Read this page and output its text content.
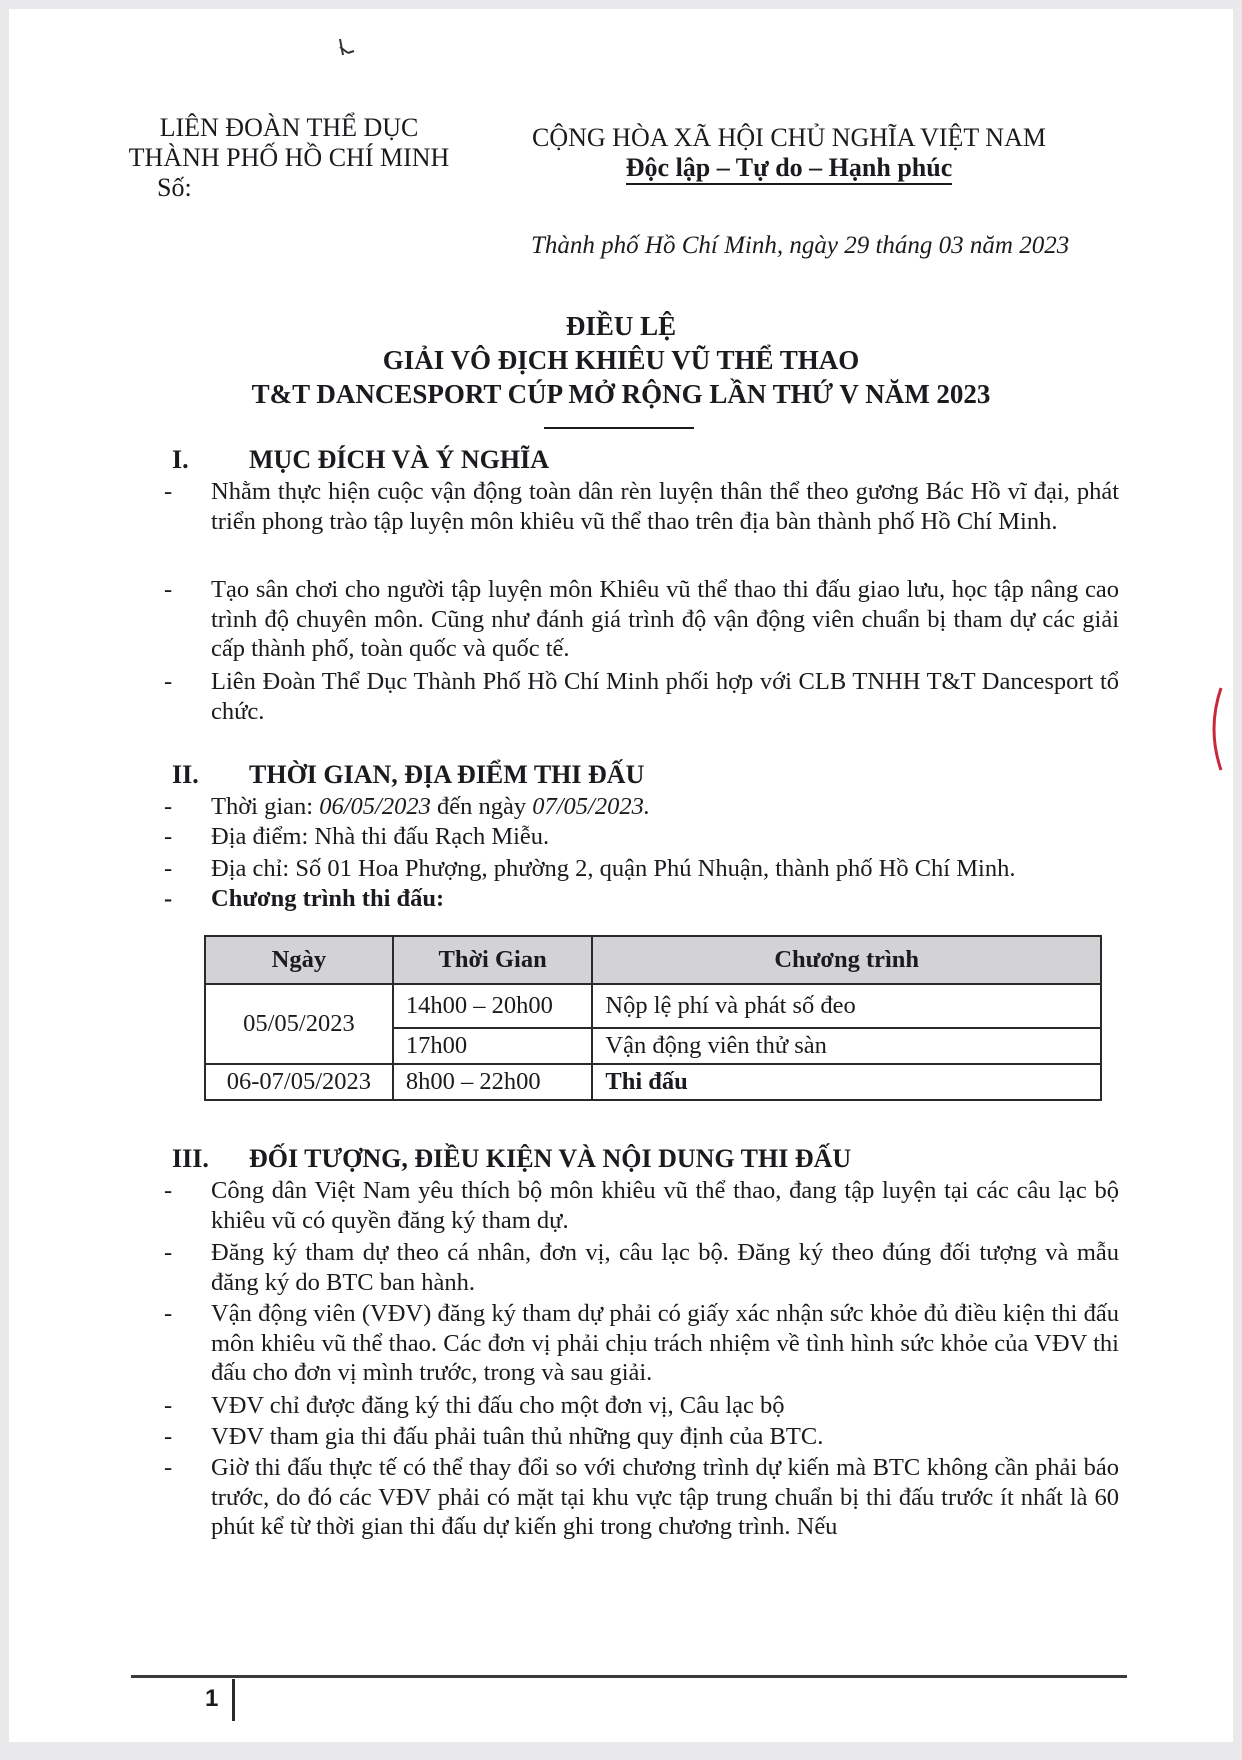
LIÊN ĐOÀN THỂ DỤC
THÀNH PHỐ HỒ CHÍ MINH
Số:
CỘNG HÒA XÃ HỘI CHỦ NGHĨA VIỆT NAM
Độc lập – Tự do – Hạnh phúc
Thành phố Hồ Chí Minh, ngày 29 tháng 03 năm 2023
ĐIỀU LỆ
GIẢI VÔ ĐỊCH KHIÊU VŨ THỂ THAO
T&T DANCESPORT CÚP MỞ RỘNG LẦN THỨ V NĂM 2023
I. MỤC ĐÍCH VÀ Ý NGHĨA
- Nhằm thực hiện cuộc vận động toàn dân rèn luyện thân thể theo gương Bác Hồ vĩ đại, phát triển phong trào tập luyện môn khiêu vũ thể thao trên địa bàn thành phố Hồ Chí Minh.
- Tạo sân chơi cho người tập luyện môn Khiêu vũ thể thao thi đấu giao lưu, học tập nâng cao trình độ chuyên môn. Cũng như đánh giá trình độ vận động viên chuẩn bị tham dự các giải cấp thành phố, toàn quốc và quốc tế.
- Liên Đoàn Thể Dục Thành Phố Hồ Chí Minh phối hợp với CLB TNHH T&T Dancesport tổ chức.
II. THỜI GIAN, ĐỊA ĐIỂM THI ĐẤU
- Thời gian: 06/05/2023 đến ngày 07/05/2023.
- Địa điểm: Nhà thi đấu Rạch Miễu.
- Địa chỉ: Số 01 Hoa Phượng, phường 2, quận Phú Nhuận, thành phố Hồ Chí Minh.
- Chương trình thi đấu:
Ngày	Thời Gian	Chương trình
05/05/2023	14h00 – 20h00	Nộp lệ phí và phát số đeo
	17h00	Vận động viên thử sàn
06-07/05/2023	8h00 – 22h00	Thi đấu
III. ĐỐI TƯỢNG, ĐIỀU KIỆN VÀ NỘI DUNG THI ĐẤU
- Công dân Việt Nam yêu thích bộ môn khiêu vũ thể thao, đang tập luyện tại các câu lạc bộ khiêu vũ có quyền đăng ký tham dự.
- Đăng ký tham dự theo cá nhân, đơn vị, câu lạc bộ. Đăng ký theo đúng đối tượng và mẫu đăng ký do BTC ban hành.
- Vận động viên (VĐV) đăng ký tham dự phải có giấy xác nhận sức khỏe đủ điều kiện thi đấu môn khiêu vũ thể thao. Các đơn vị phải chịu trách nhiệm về tình hình sức khỏe của VĐV thi đấu cho đơn vị mình trước, trong và sau giải.
- VĐV chỉ được đăng ký thi đấu cho một đơn vị, Câu lạc bộ
- VĐV tham gia thi đấu phải tuân thủ những quy định của BTC.
- Giờ thi đấu thực tế có thể thay đổi so với chương trình dự kiến mà BTC không cần phải báo trước, do đó các VĐV phải có mặt tại khu vực tập trung chuẩn bị thi đấu trước ít nhất là 60 phút kể từ thời gian thi đấu dự kiến ghi trong chương trình. Nếu
1
